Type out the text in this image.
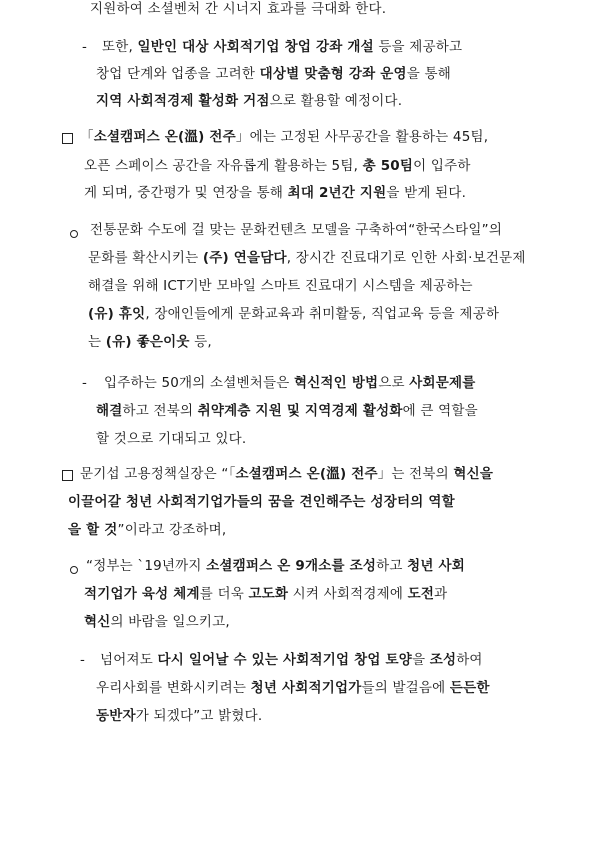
지원하여 소셜벤처 간 시너지 효과를 극대화 한다.
- 또한, 일반인 대상 사회적기업 창업 강좌 개설 등을 제공하고
창업 단계와 업종을 고려한 대상별 맞춤형 강좌 운영을 통해
지역 사회적경제 활성화 거점으로 활용할 예정이다.
「소셜캠퍼스 온(溫) 전주」에는 고정된 사무공간을 활용하는 45팀,
오픈 스페이스 공간을 자유롭게 활용하는 5팀, 총 50팀이 입주하
게 되며, 중간평가 및 연장을 통해 최대 2년간 지원을 받게 된다.
전통문화 수도에 걸 맞는 문화컨텐츠 모델을 구축하여“한국스타일”의
문화를 확산시키는 (주) 연을담다, 장시간 진료대기로 인한 사회·보건문제
해결을 위해 ICT기반 모바일 스마트 진료대기 시스템을 제공하는
(유) 휴잇, 장애인들에게 문화교육과 취미활동, 직업교육 등을 제공하
는 (유) 좋은이웃 등,
- 입주하는 50개의 소셜벤처들은 혁신적인 방법으로 사회문제를
해결하고 전북의 취약계층 지원 및 지역경제 활성화에 큰 역할을
할 것으로 기대되고 있다.
문기섭 고용정책실장은 “「소셜캠퍼스 온(溫) 전주」는 전북의 혁신을
이끌어갈 청년 사회적기업가들의 꿈을 견인해주는 성장터의 역할
을 할 것”이라고 강조하며,
“정부는 `19년까지 소셜캠퍼스 온 9개소를 조성하고 청년 사회
적기업가 육성 체계를 더욱 고도화 시켜 사회적경제에 도전과
혁신의 바람을 일으키고,
- 넘어져도 다시 일어날 수 있는 사회적기업 창업 토양을 조성하여
우리사회를 변화시키려는 청년 사회적기업가들의 발걸음에 든든한
동반자가 되겠다”고 밝혔다.
